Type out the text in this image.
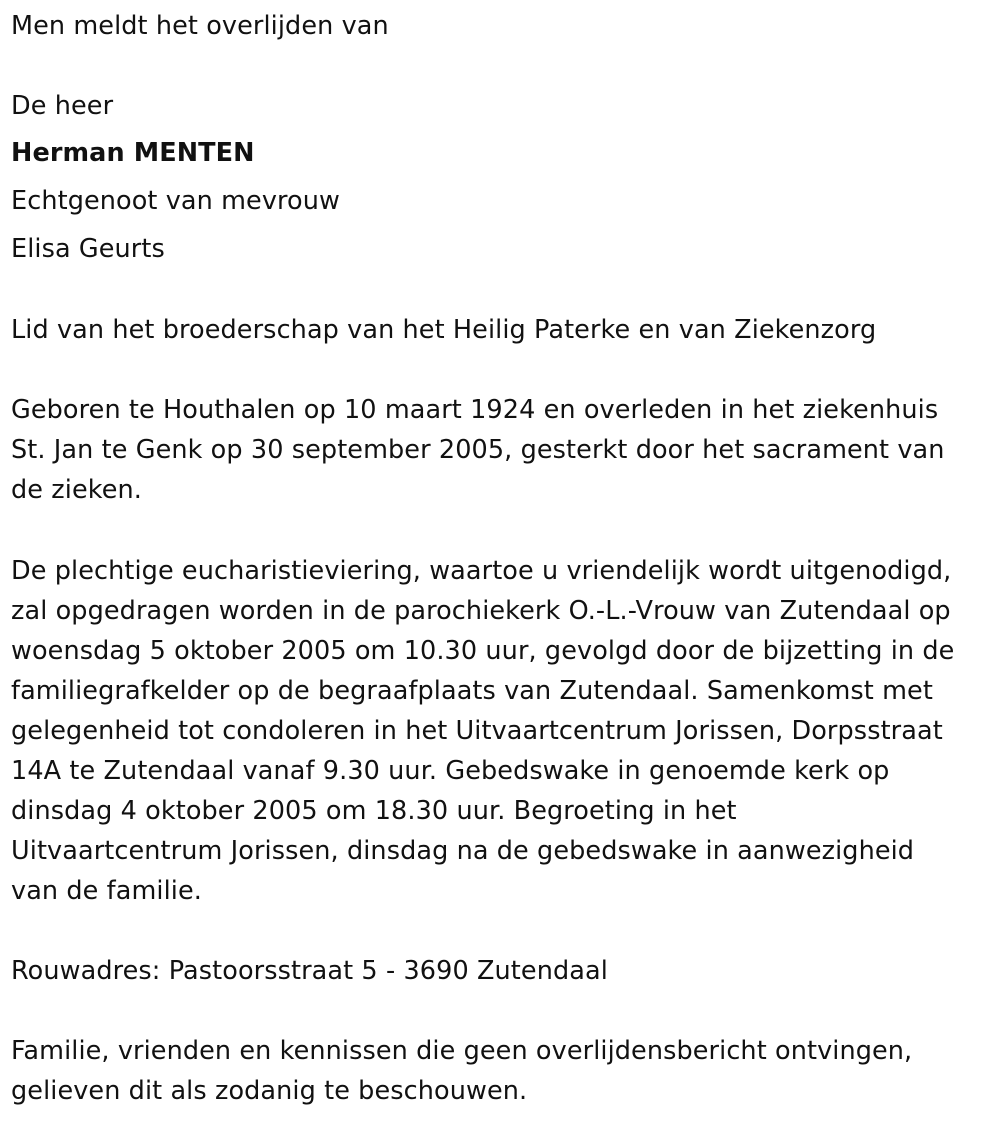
Men meldt het overlijden van
De heer
Herman MENTEN
Echtgenoot van mevrouw
Elisa Geurts
Lid van het broederschap van het Heilig Paterke en van Ziekenzorg
Geboren te Houthalen op 10 maart 1924 en overleden in het ziekenhuis
St. Jan te Genk op 30 september 2005, gesterkt door het sacrament van
de zieken.
De plechtige eucharistieviering, waartoe u vriendelijk wordt uitgenodigd,
zal opgedragen worden in de parochiekerk O.-L.-Vrouw van Zutendaal op
woensdag 5 oktober 2005 om 10.30 uur, gevolgd door de bijzetting in de
familiegrafkelder op de begraafplaats van Zutendaal. Samenkomst met
gelegenheid tot condoleren in het Uitvaartcentrum Jorissen, Dorpsstraat
14A te Zutendaal vanaf 9.30 uur. Gebedswake in genoemde kerk op
dinsdag 4 oktober 2005 om 18.30 uur. Begroeting in het
Uitvaartcentrum Jorissen, dinsdag na de gebedswake in aanwezigheid
van de familie.
Rouwadres: Pastoorsstraat 5 - 3690 Zutendaal
Familie, vrienden en kennissen die geen overlijdensbericht ontvingen,
gelieven dit als zodanig te beschouwen.
